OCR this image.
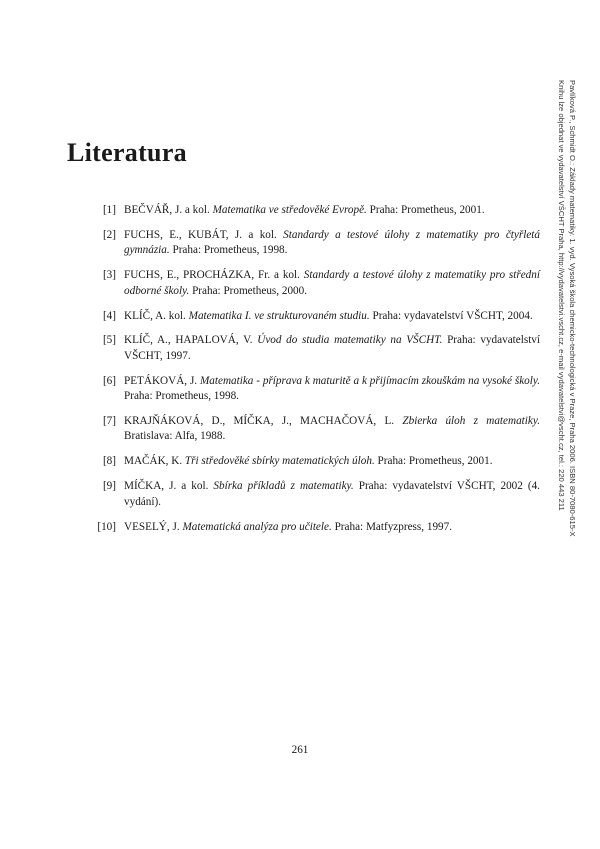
Literatura
[1] BEČVÁŘ, J. a kol. Matematika ve středověké Evropě. Praha: Prometheus, 2001.
[2] FUCHS, E., KUBÁT, J. a kol. Standardy a testové úlohy z matematiky pro čtyřletá gymnázia. Praha: Prometheus, 1998.
[3] FUCHS, E., PROCHÁZKA, Fr. a kol. Standardy a testové úlohy z matematiky pro střední odborné školy. Praha: Prometheus, 2000.
[4] KLÍČ, A. kol. Matematika I. ve strukturovaném studiu. Praha: vydavatelství VŠCHT, 2004.
[5] KLÍČ, A., HAPALOVÁ, V. Úvod do studia matematiky na VŠCHT. Praha: vydavatelství VŠCHT, 1997.
[6] PETÁKOVÁ, J. Matematika - příprava k maturitě a k přijímacím zkouškám na vysoké školy. Praha: Prometheus, 1998.
[7] KRAJŇÁKOVÁ, D., MÍČKA, J., MACHAČOVÁ, L. Zbierka úloh z matematiky. Bratislava: Alfa, 1988.
[8] MAČÁK, K. Tři středověké sbírky matematických úloh. Praha: Prometheus, 2001.
[9] MÍČKA, J. a kol. Sbírka příkladů z matematiky. Praha: vydavatelství VŠCHT, 2002 (4. vydání).
[10] VESELÝ, J. Matematická analýza pro učitele. Praha: Matfyzpress, 1997.	Pavlíková P., Schmidt O.: Základy matematiky. 1. vyd. Vysoká škola chemicko-technologická v Praze, Praha 2006. ISBN 80-7080-615-X
Knihu lze objednat ve vydavatelství VŠCHT Praha, http://vydavatelstvi.vscht.cz, e-mail vydavatelstvi@vscht.cz, tel.: 220 443 211
261
